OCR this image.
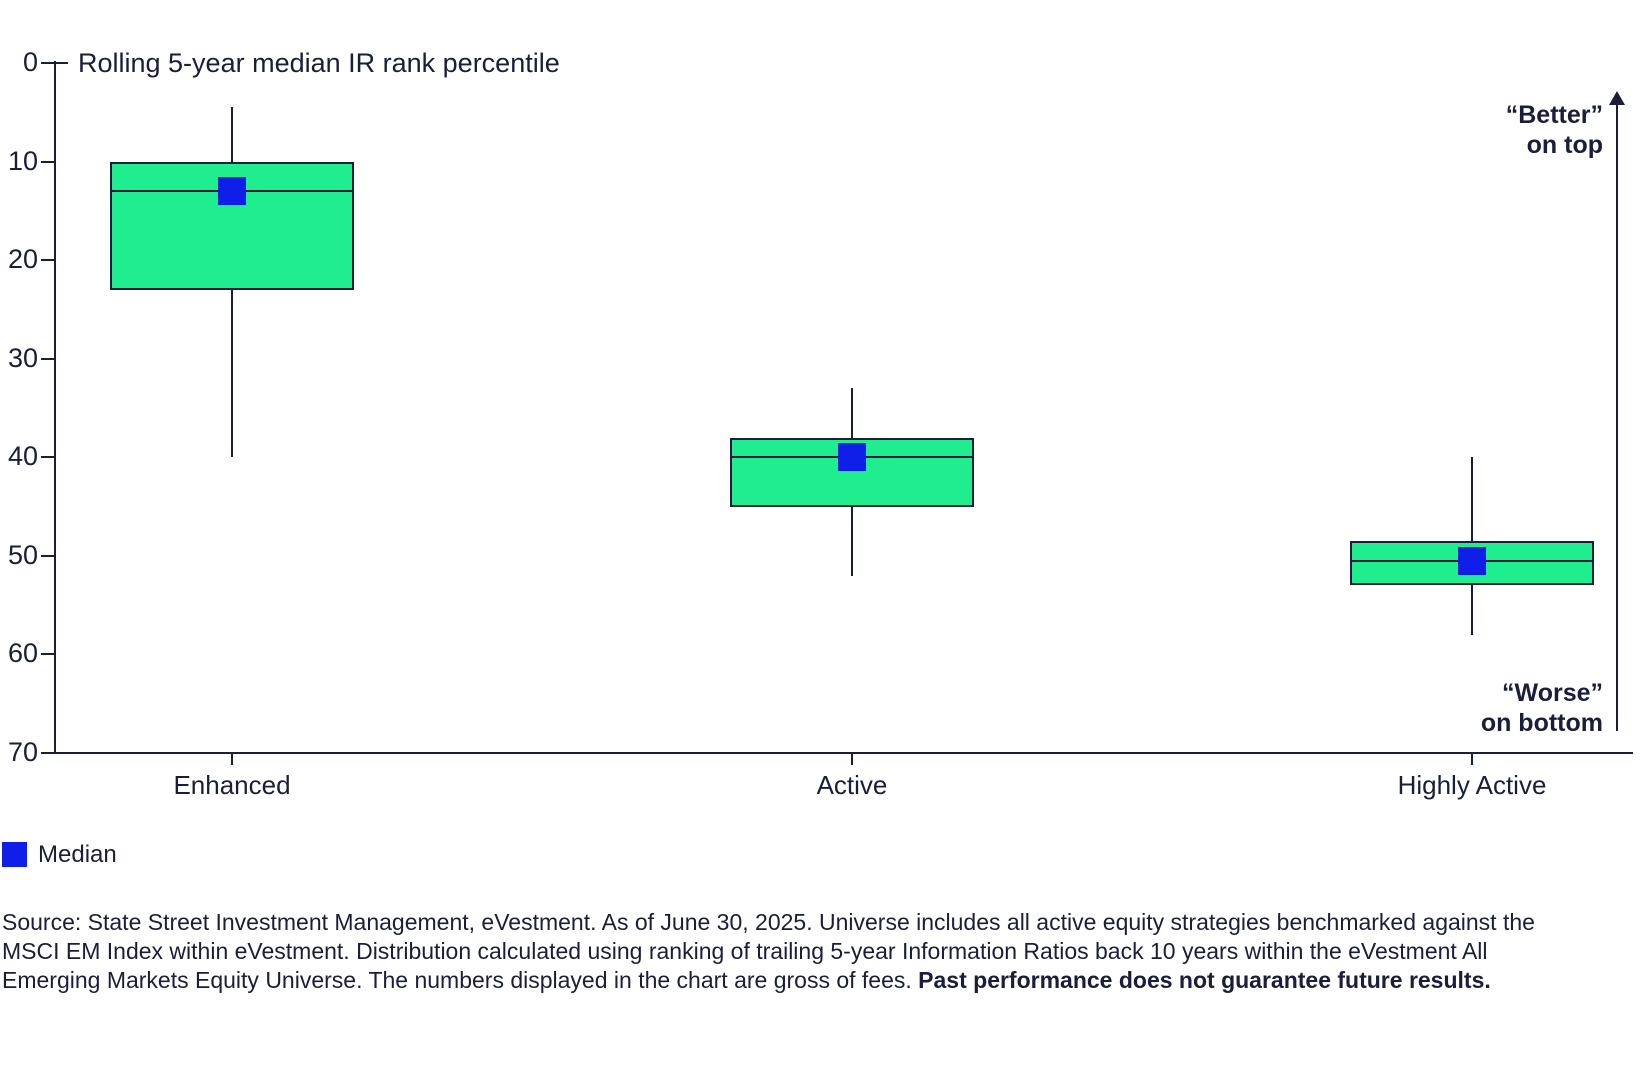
Rolling 5-year median IR rank percentile
0
10
20
30
40
50
60
70
Enhanced	Active	Highly Active
“Better”
on top
“Worse”
on bottom
Median

Source: State Street Investment Management, eVestment. As of June 30, 2025. Universe includes all active equity strategies benchmarked against the MSCI EM Index within eVestment. Distribution calculated using ranking of trailing 5-year Information Ratios back 10 years within the eVestment All Emerging Markets Equity Universe. The numbers displayed in the chart are gross of fees. Past performance does not guarantee future results.
